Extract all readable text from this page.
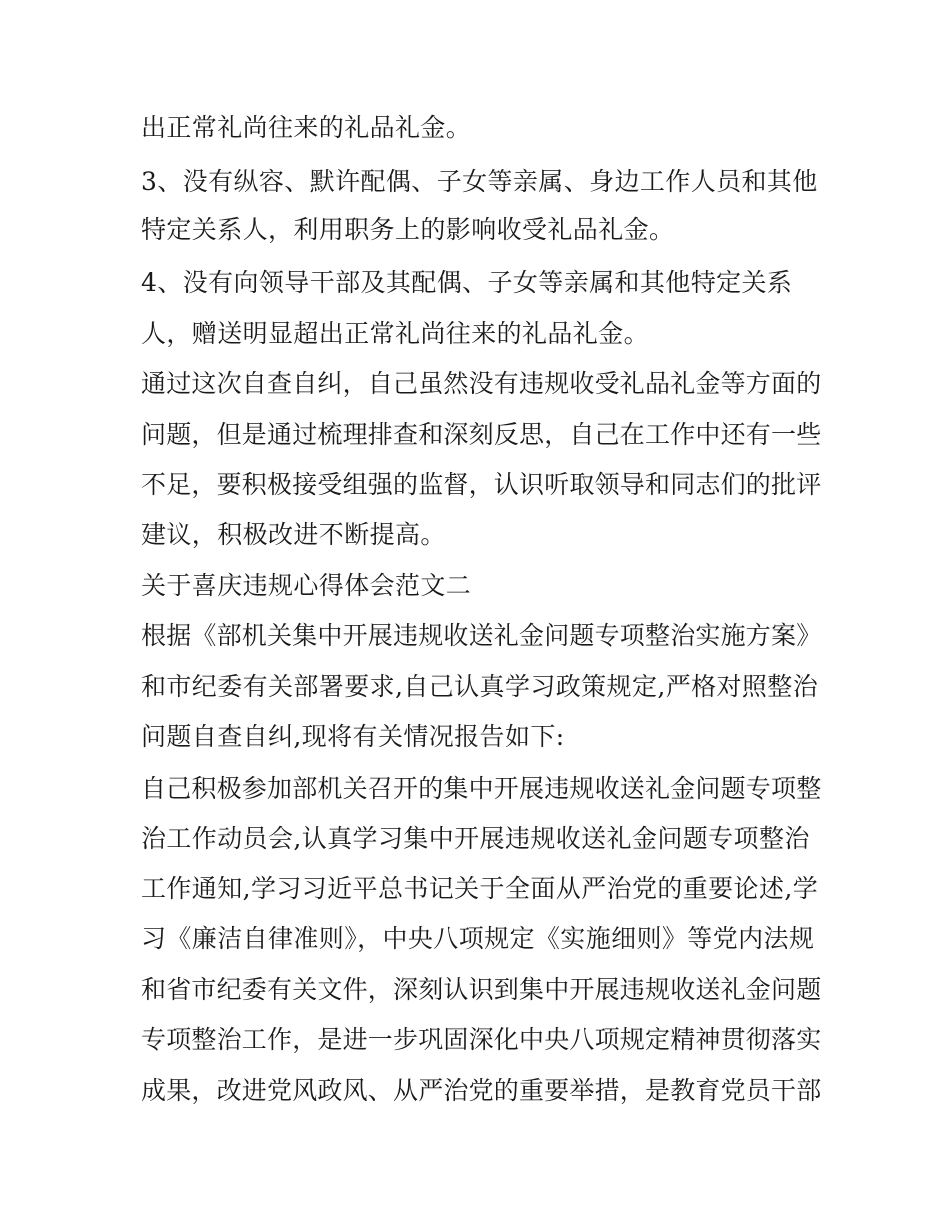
出正常礼尚往来的礼品礼金。
3、没有纵容、默许配偶、子女等亲属、身边工作人员和其他
特定关系人，利用职务上的影响收受礼品礼金。
4、没有向领导干部及其配偶、子女等亲属和其他特定关系
人，赠送明显超出正常礼尚往来的礼品礼金。
通过这次自查自纠，自己虽然没有违规收受礼品礼金等方面的
问题，但是通过梳理排查和深刻反思，自己在工作中还有一些
不足，要积极接受组强的监督，认识听取领导和同志们的批评
建议，积极改进不断提高。
关于喜庆违规心得体会范文二
根据《部机关集中开展违规收送礼金问题专项整治实施方案》
和市纪委有关部署要求,自己认真学习政策规定,严格对照整治
问题自查自纠,现将有关情况报告如下:
自己积极参加部机关召开的集中开展违规收送礼金问题专项整
治工作动员会,认真学习集中开展违规收送礼金问题专项整治
工作通知,学习习近平总书记关于全面从严治党的重要论述,学
习《廉洁自律准则》，中央八项规定《实施细则》等党内法规
和省市纪委有关文件，深刻认识到集中开展违规收送礼金问题
专项整治工作，是进一步巩固深化中央八项规定精神贯彻落实
成果，改进党风政风、从严治党的重要举措，是教育党员干部
